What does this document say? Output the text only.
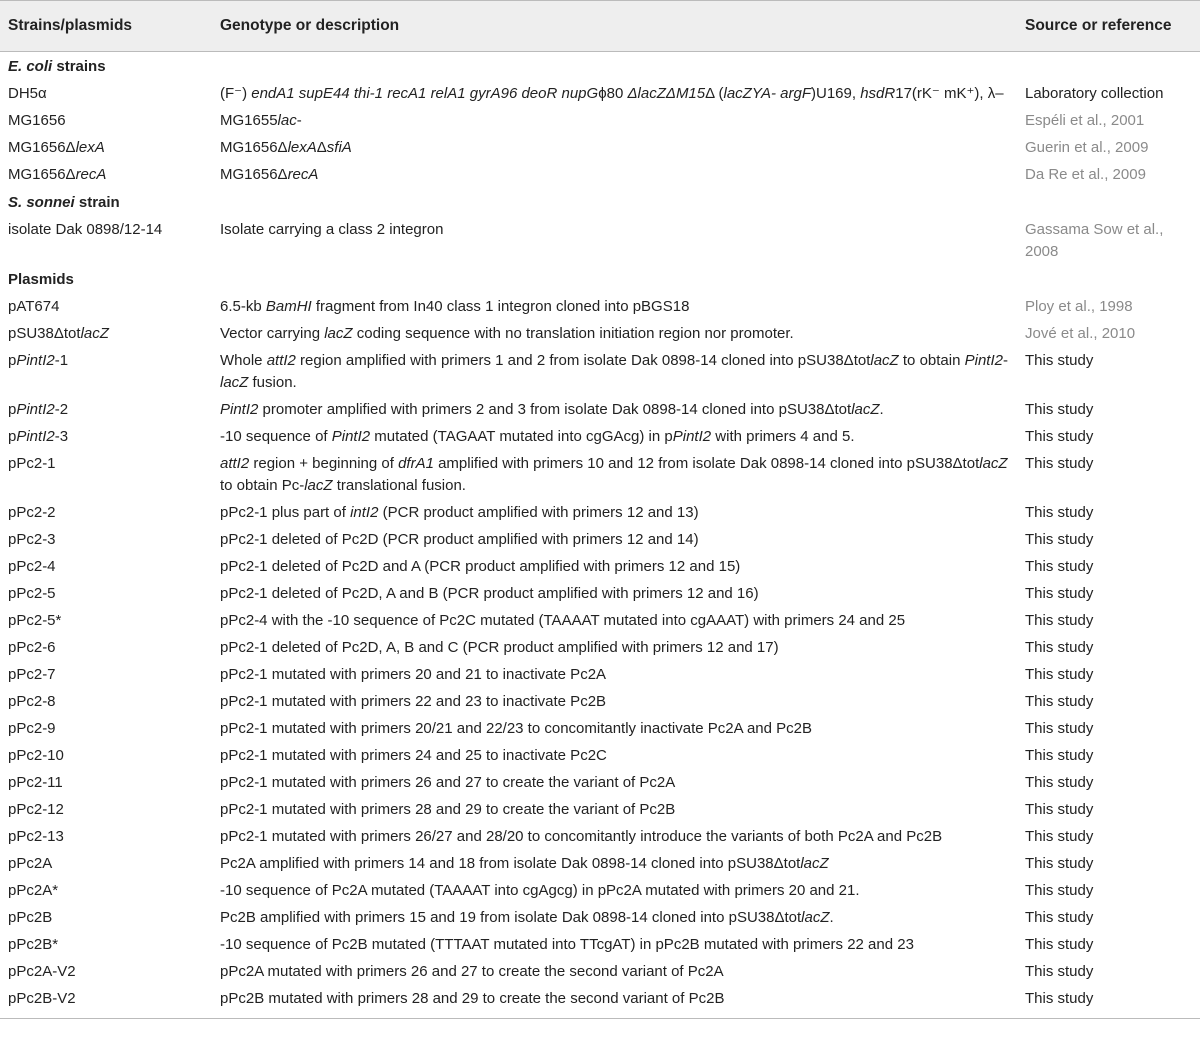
Strains/plasmids	Genotype or description	Source or reference
E. coli strains		
DH5α	(F⁻) endA1 supE44 thi-1 recA1 relA1 gyrA96 deoR nupGϕ80 ΔlacZΔM15Δ (lacZYA- argF)U169, hsdR17(rK⁻ mK⁺), λ–	Laboratory collection
MG1656	MG1655lac-	Espéli et al., 2001
MG1656ΔlexA	MG1656ΔlexAΔsfiA	Guerin et al., 2009
MG1656ΔrecA	MG1656ΔrecA	Da Re et al., 2009
S. sonnei strain		
isolate Dak 0898/12-14	Isolate carrying a class 2 integron	Gassama Sow et al., 2008
Plasmids		
pAT674	6.5-kb BamHI fragment from In40 class 1 integron cloned into pBGS18	Ploy et al., 1998
pSU38ΔtotlacZ	Vector carrying lacZ coding sequence with no translation initiation region nor promoter.	Jové et al., 2010
pPintI2-1	Whole attI2 region amplified with primers 1 and 2 from isolate Dak 0898-14 cloned into pSU38ΔtotlacZ to obtain PintI2-lacZ fusion.	This study
pPintI2-2	PintI2 promoter amplified with primers 2 and 3 from isolate Dak 0898-14 cloned into pSU38ΔtotlacZ.	This study
pPintI2-3	-10 sequence of PintI2 mutated (TAGAAT mutated into cgGAcg) in pPintI2 with primers 4 and 5.	This study
pPc2-1	attI2 region + beginning of dfrA1 amplified with primers 10 and 12 from isolate Dak 0898-14 cloned into pSU38ΔtotlacZ to obtain Pc-lacZ translational fusion.	This study
pPc2-2	pPc2-1 plus part of intI2 (PCR product amplified with primers 12 and 13)	This study
pPc2-3	pPc2-1 deleted of Pc2D (PCR product amplified with primers 12 and 14)	This study
pPc2-4	pPc2-1 deleted of Pc2D and A (PCR product amplified with primers 12 and 15)	This study
pPc2-5	pPc2-1 deleted of Pc2D, A and B (PCR product amplified with primers 12 and 16)	This study
pPc2-5*	pPc2-4 with the -10 sequence of Pc2C mutated (TAAAAT mutated into cgAAAT) with primers 24 and 25	This study
pPc2-6	pPc2-1 deleted of Pc2D, A, B and C (PCR product amplified with primers 12 and 17)	This study
pPc2-7	pPc2-1 mutated with primers 20 and 21 to inactivate Pc2A	This study
pPc2-8	pPc2-1 mutated with primers 22 and 23 to inactivate Pc2B	This study
pPc2-9	pPc2-1 mutated with primers 20/21 and 22/23 to concomitantly inactivate Pc2A and Pc2B	This study
pPc2-10	pPc2-1 mutated with primers 24 and 25 to inactivate Pc2C	This study
pPc2-11	pPc2-1 mutated with primers 26 and 27 to create the variant of Pc2A	This study
pPc2-12	pPc2-1 mutated with primers 28 and 29 to create the variant of Pc2B	This study
pPc2-13	pPc2-1 mutated with primers 26/27 and 28/20 to concomitantly introduce the variants of both Pc2A and Pc2B	This study
pPc2A	Pc2A amplified with primers 14 and 18 from isolate Dak 0898-14 cloned into pSU38ΔtotlacZ	This study
pPc2A*	-10 sequence of Pc2A mutated (TAAAAT into cgAgcg) in pPc2A mutated with primers 20 and 21.	This study
pPc2B	Pc2B amplified with primers 15 and 19 from isolate Dak 0898-14 cloned into pSU38ΔtotlacZ.	This study
pPc2B*	-10 sequence of Pc2B mutated (TTTAAT mutated into TTcgAT) in pPc2B mutated with primers 22 and 23	This study
pPc2A-V2	pPc2A mutated with primers 26 and 27 to create the second variant of Pc2A	This study
pPc2B-V2	pPc2B mutated with primers 28 and 29 to create the second variant of Pc2B	This study
